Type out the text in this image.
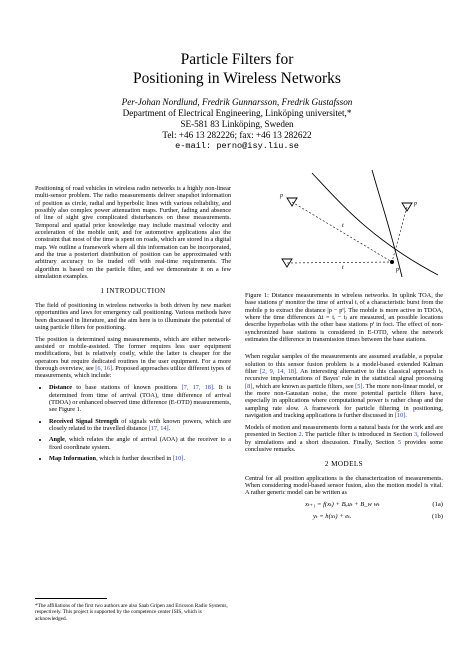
Particle Filters for
Positioning in Wireless Networks
Per-Johan Nordlund, Fredrik Gunnarsson, Fredrik Gustafsson
Department of Electrical Engineering, Linköping universitet,*
SE-581 83 Linköping, Sweden
Tel: +46 13 282226; fax: +46 13 282622
e-mail: perno@isy.liu.se

Positioning of road vehicles in wireless radio networks is a highly non-linear multi-sensor problem. The radio measurements deliver snapshot information of position as circle, radial and hyperbolic lines with various reliability, and possibly also complex power attenuation maps. Further, fading and absence of line of sight give complicated disturbances on these measurements. Temporal and spatial prior knowledge may include maximal velocity and acceleration of the mobile unit, and for automotive applications also the constraint that most of the time is spent on roads, which are stored in a digital map. We outline a framework where all this information can be incorporated, and the true a posteriori distribution of position can be approximated with arbitrary accuracy to be traded off with real-time requirements. The algorithm is based on the particle filter, and we demonstrate it on a few simulation examples.

1 INTRODUCTION

The field of positioning in wireless networks is both driven by new market opportunities and laws for emergency call positioning. Various methods have been discussed in literature, and the aim here is to illuminate the potential of using particle filters for positioning.

The position is determined using measurements, which are either network-assisted or mobile-assisted. The former requires less user equipment modifications, but is relatively costly, while the latter is cheaper for the operators but require dedicated routines in the user equipment. For a more thorough overview, see [6, 16]. Proposed approaches utilize different types of measurements, which include:

• Distance to base stations of known positions [7, 17, 18]. It is determined from time of arrival (TOA), time difference of arrival (TDOA) or enhanced observed time difference (E-OTD) measurements, see Figure 1.
• Received Signal Strength of signals with known powers, which are closely related to the travelled distance [17, 14].
• Angle, which relates the angle of arrival (AOA) at the receiver to a fixed coordinate system.
• Map Information, which is further described in [10].
*The affiliations of the first two authors are also Saab Gripen and Ericsson Radio Systems, respectively. This project is supported by the competence center ISIS, which is acknowledged.
p
p
t
t	p

Figure 1: Distance measurements in wireless networks. In uplink TOA, the base stations pⁱ monitor the time of arrival tᵢ of a characteristic burst from the mobile p to extract the distance |p − pⁱ|. The mobile is more active in TDOA, where the time differences Δt = tᵢ − tⱼ are measured, an possible locations describe hyperbolas with the other base stations pⁱ in foci. The effect of non-synchronized base stations is considered in E-OTD, where the network estimates the difference in transmission times between the base stations.

When regular samples of the measurements are assumed available, a popular solution to this sensor fusion problem is a model-based extended Kalman filter [2, 9, 14, 18]. An interesting alternative to this classical approach is recursive implementations of Bayes' rule in the statistical signal processing [8], which are known as particle filters, see [5]. The more non-linear model, or the more non-Gaussian noise, the more potential particle filters have, especially in applications where computational power is rather cheap and the sampling rate slow. A framework for particle filtering in positioning, navigation and tracking applications is further discussed in [10].

Models of motion and measurements form a natural basis for the work and are presented in Section 2. The particle filter is introduced in Section 3, followed by simulations and a short discussion. Finally, Section 5 provides some conclusive remarks.

2 MODELS

Central for all position applications is the characterization of measurements. When considering model-based sensor fusion, also the motion model is vital. A rather generic model can be written as

xₜ₊₁ = f(xₜ) + Bᵤuₜ + B_w wₜ	(1a)
yₜ = h(xₜ) + eₜ.	(1b)
